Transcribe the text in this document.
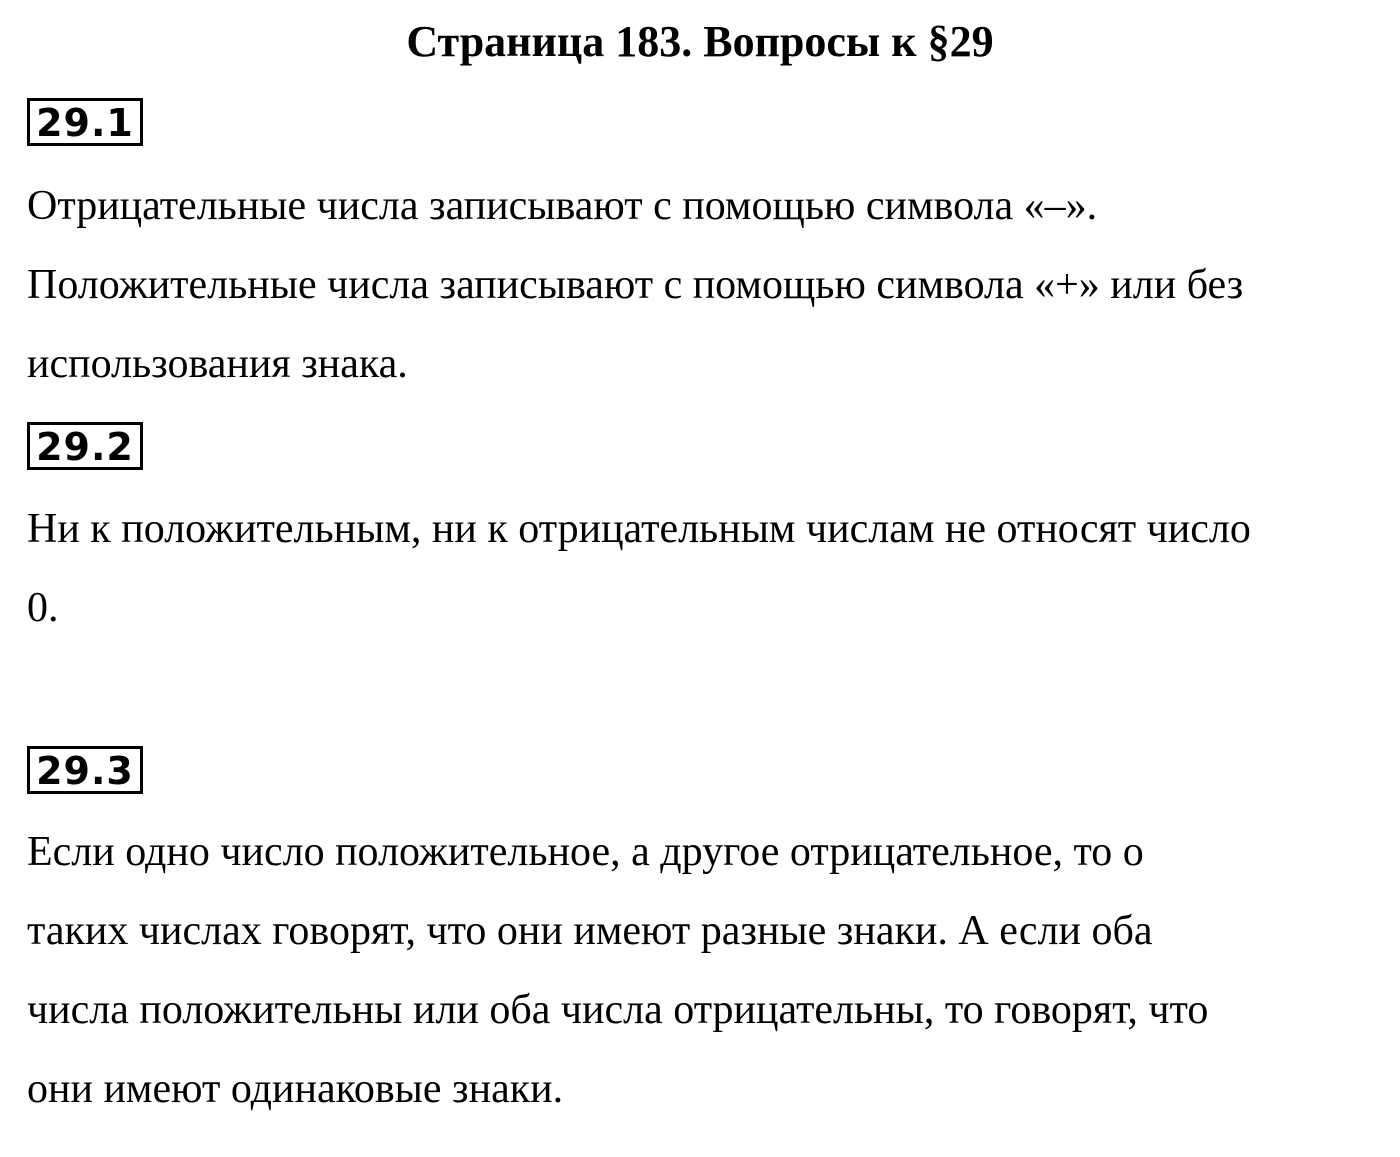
Страница 183. Вопросы к §29
29.1

Отрицательные числа записывают с помощью символа «–».
Положительные числа записывают с помощью символа «+» или без
использования знака.

29.2

Ни к положительным, ни к отрицательным числам не относят число
0.

29.3

Если одно число положительное, а другое отрицательное, то о
таких числах говорят, что они имеют разные знаки. А если оба
числа положительны или оба числа отрицательны, то говорят, что
они имеют одинаковые знаки.
